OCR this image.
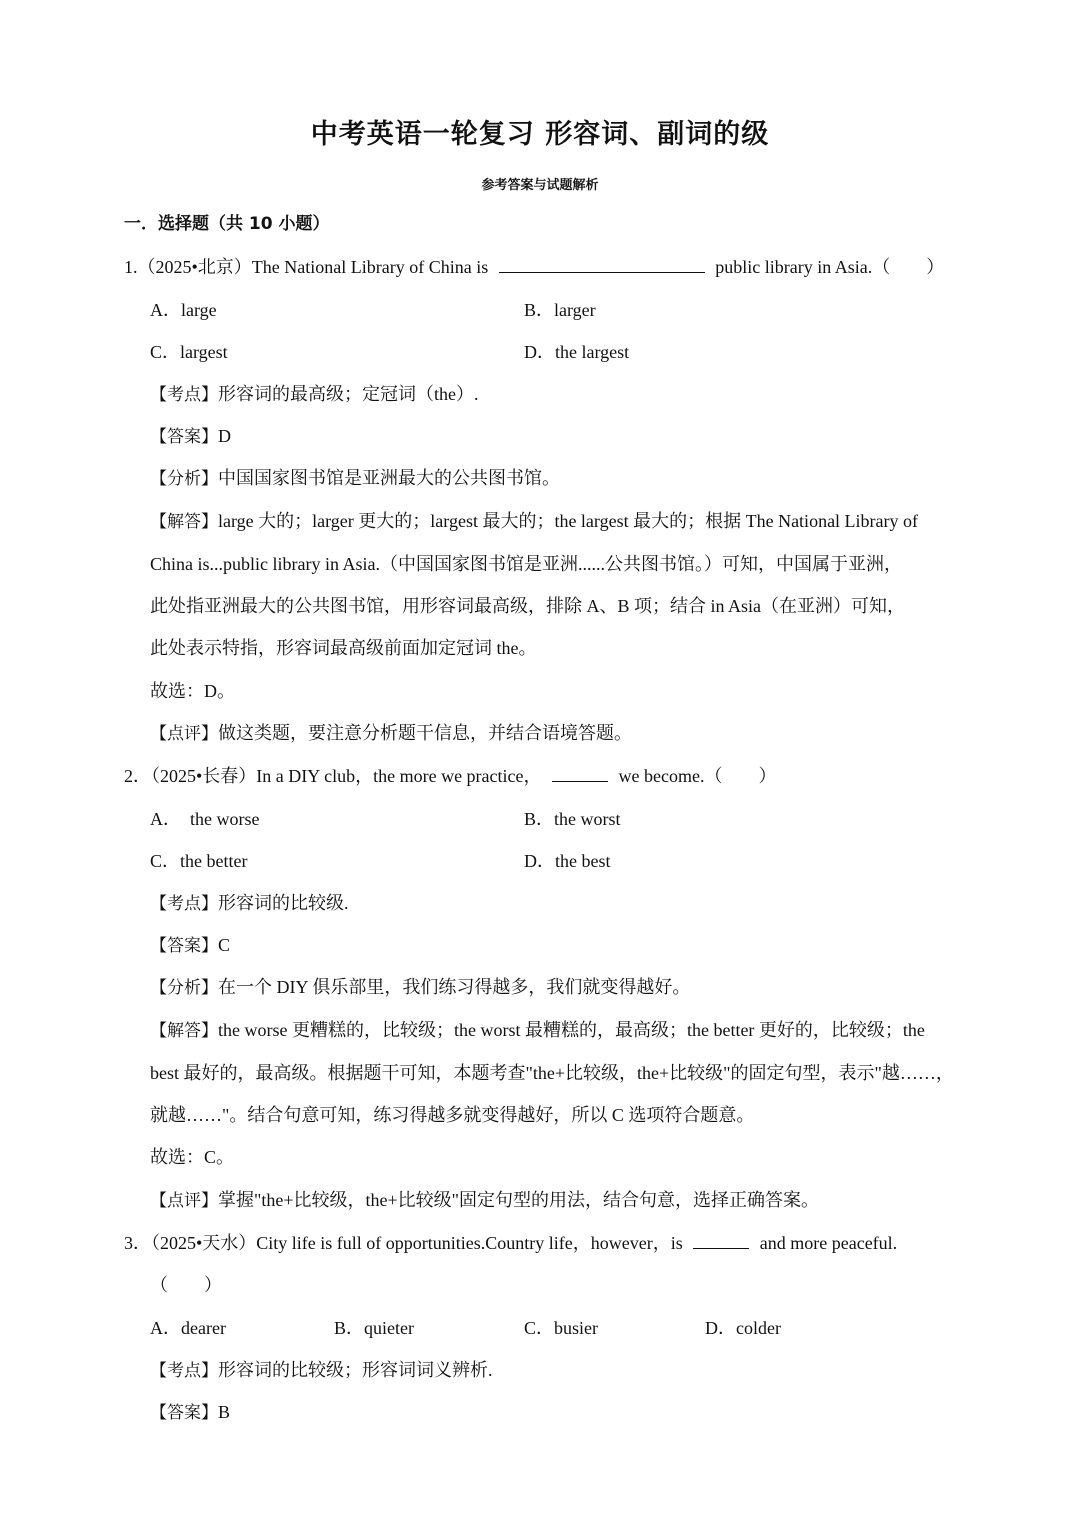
中考英语一轮复习 形容词、副词的级
参考答案与试题解析
一．选择题（共 10 小题）
1.（2025•北京）The National Library of China is	public library in Asia.（　　）
A．large	B．larger
C．largest	D．the largest
【考点】形容词的最高级；定冠词（the）.
【答案】D
【分析】中国国家图书馆是亚洲最大的公共图书馆。
【解答】large 大的；larger 更大的；largest 最大的；the largest 最大的；根据 The National Library of
China is...public library in Asia.（中国国家图书馆是亚洲......公共图书馆。）可知，中国属于亚洲，
此处指亚洲最大的公共图书馆，用形容词最高级，排除 A、B 项；结合 in Asia（在亚洲）可知，
此处表示特指，形容词最高级前面加定冠词 the。
故选：D。
【点评】做这类题，要注意分析题干信息，并结合语境答题。
2．（2025•长春）In a DIY club，the more we practice，	we become.（　　）
A．　the worse	B．the worst
C．the better	D．the best
【考点】形容词的比较级.
【答案】C
【分析】在一个 DIY 俱乐部里，我们练习得越多，我们就变得越好。
【解答】the worse 更糟糕的，比较级；the worst 最糟糕的，最高级；the better 更好的，比较级；the
best 最好的，最高级。根据题干可知，本题考查"the+比较级，the+比较级"的固定句型，表示"越……，
就越……"。结合句意可知，练习得越多就变得越好，所以 C 选项符合题意。
故选：C。
【点评】掌握"the+比较级，the+比较级"固定句型的用法，结合句意，选择正确答案。
3．（2025•天水）City life is full of opportunities.Country life，however，is	and more peaceful.
（　　）
A．dearer	B．quieter	C．busier	D．colder
【考点】形容词的比较级；形容词词义辨析.
【答案】B
